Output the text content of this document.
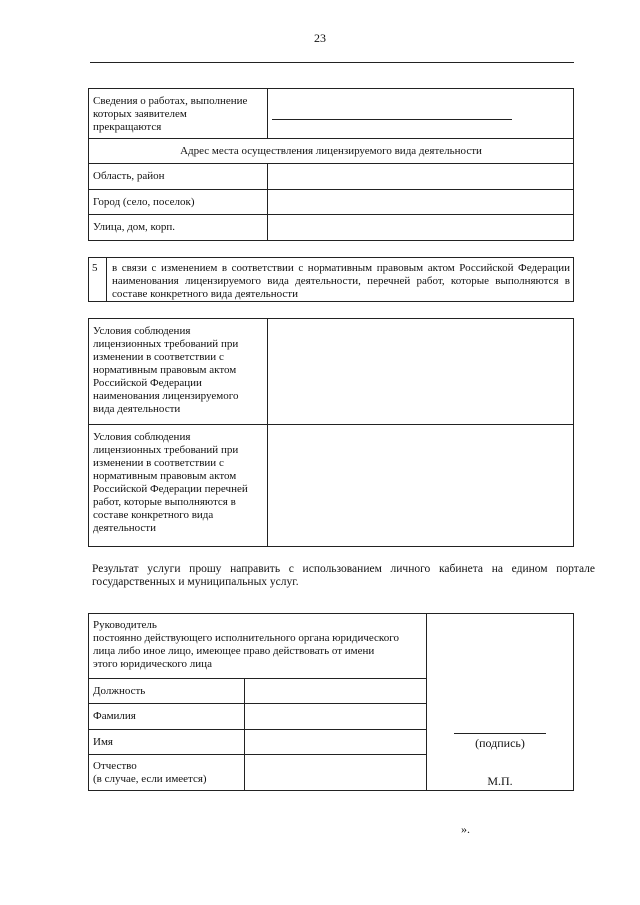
23
Сведения о работах, выполнение
которых заявителем
прекращаются
Адрес места осуществления лицензируемого вида деятельности
Область, район
Город (село, поселок)
Улица, дом, корп.
5	в связи с изменением в соответствии с нормативным правовым актом Российской Федерации наименования лицензируемого вида деятельности, перечней работ, которые выполняются в составе конкретного вида деятельности
Условия соблюдения
лицензионных требований при
изменении в соответствии с
нормативным правовым актом
Российской Федерации
наименования лицензируемого
вида деятельности
Условия соблюдения
лицензионных требований при
изменении в соответствии с
нормативным правовым актом
Российской Федерации перечней
работ, которые выполняются в
составе конкретного вида
деятельности
Результат услуги прошу направить с использованием личного кабинета на едином портале государственных и муниципальных услуг.
Руководитель
постоянно действующего исполнительного органа юридического
лица либо иное лицо, имеющее право действовать от имени
этого юридического лица
Должность
Фамилия
Имя
Отчество
(в случае, если имеется)
(подпись)
М.П.
».
